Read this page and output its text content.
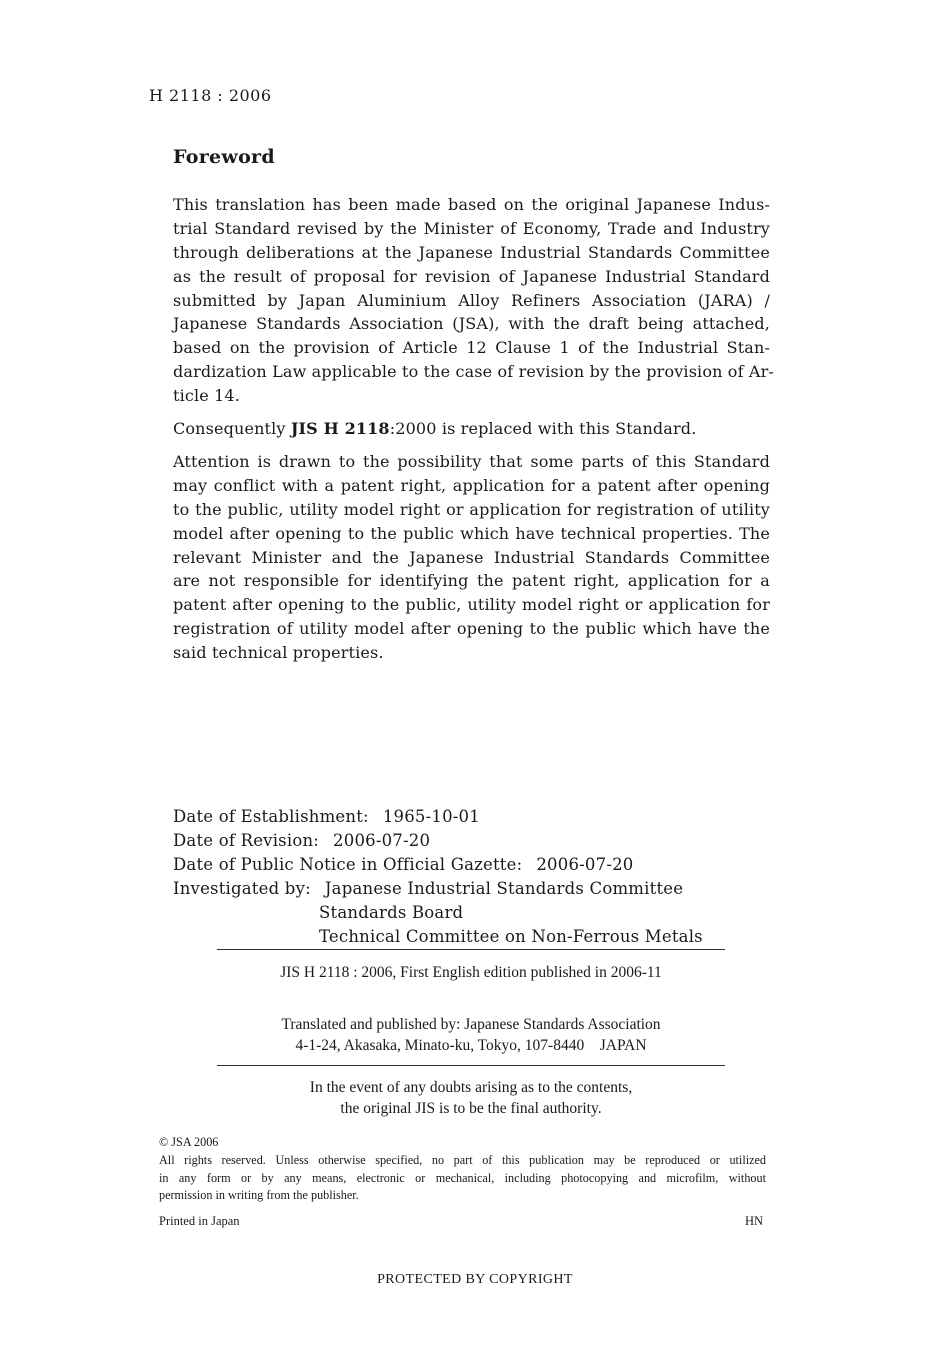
H 2118 : 2006
Foreword
This translation has been made based on the original Japanese Indus-
trial Standard revised by the Minister of Economy, Trade and Industry
through deliberations at the Japanese Industrial Standards Committee
as the result of proposal for revision of Japanese Industrial Standard
submitted by Japan Aluminium Alloy Refiners Association (JARA) /
Japanese Standards Association (JSA), with the draft being attached,
based on the provision of Article 12 Clause 1 of the Industrial Stan-
dardization Law applicable to the case of revision by the provision of Ar-
ticle 14.
Consequently JIS H 2118:2000 is replaced with this Standard.
Attention is drawn to the possibility that some parts of this Standard
may conflict with a patent right, application for a patent after opening
to the public, utility model right or application for registration of utility
model after opening to the public which have technical properties. The
relevant Minister and the Japanese Industrial Standards Committee
are not responsible for identifying the patent right, application for a
patent after opening to the public, utility model right or application for
registration of utility model after opening to the public which have the
said technical properties.
Date of Establishment: 1965-10-01
Date of Revision: 2006-07-20
Date of Public Notice in Official Gazette: 2006-07-20
Investigated by: Japanese Industrial Standards Committee
Standards Board
Technical Committee on Non-Ferrous Metals
JIS H 2118 : 2006, First English edition published in 2006-11
Translated and published by: Japanese Standards Association
4-1-24, Akasaka, Minato-ku, Tokyo, 107-8440    JAPAN
In the event of any doubts arising as to the contents,
the original JIS is to be the final authority.
© JSA 2006
All rights reserved. Unless otherwise specified, no part of this publication may be reproduced or utilized
in any form or by any means, electronic or mechanical, including photocopying and microfilm, without
permission in writing from the publisher.
Printed in Japan	HN
PROTECTED BY COPYRIGHT
